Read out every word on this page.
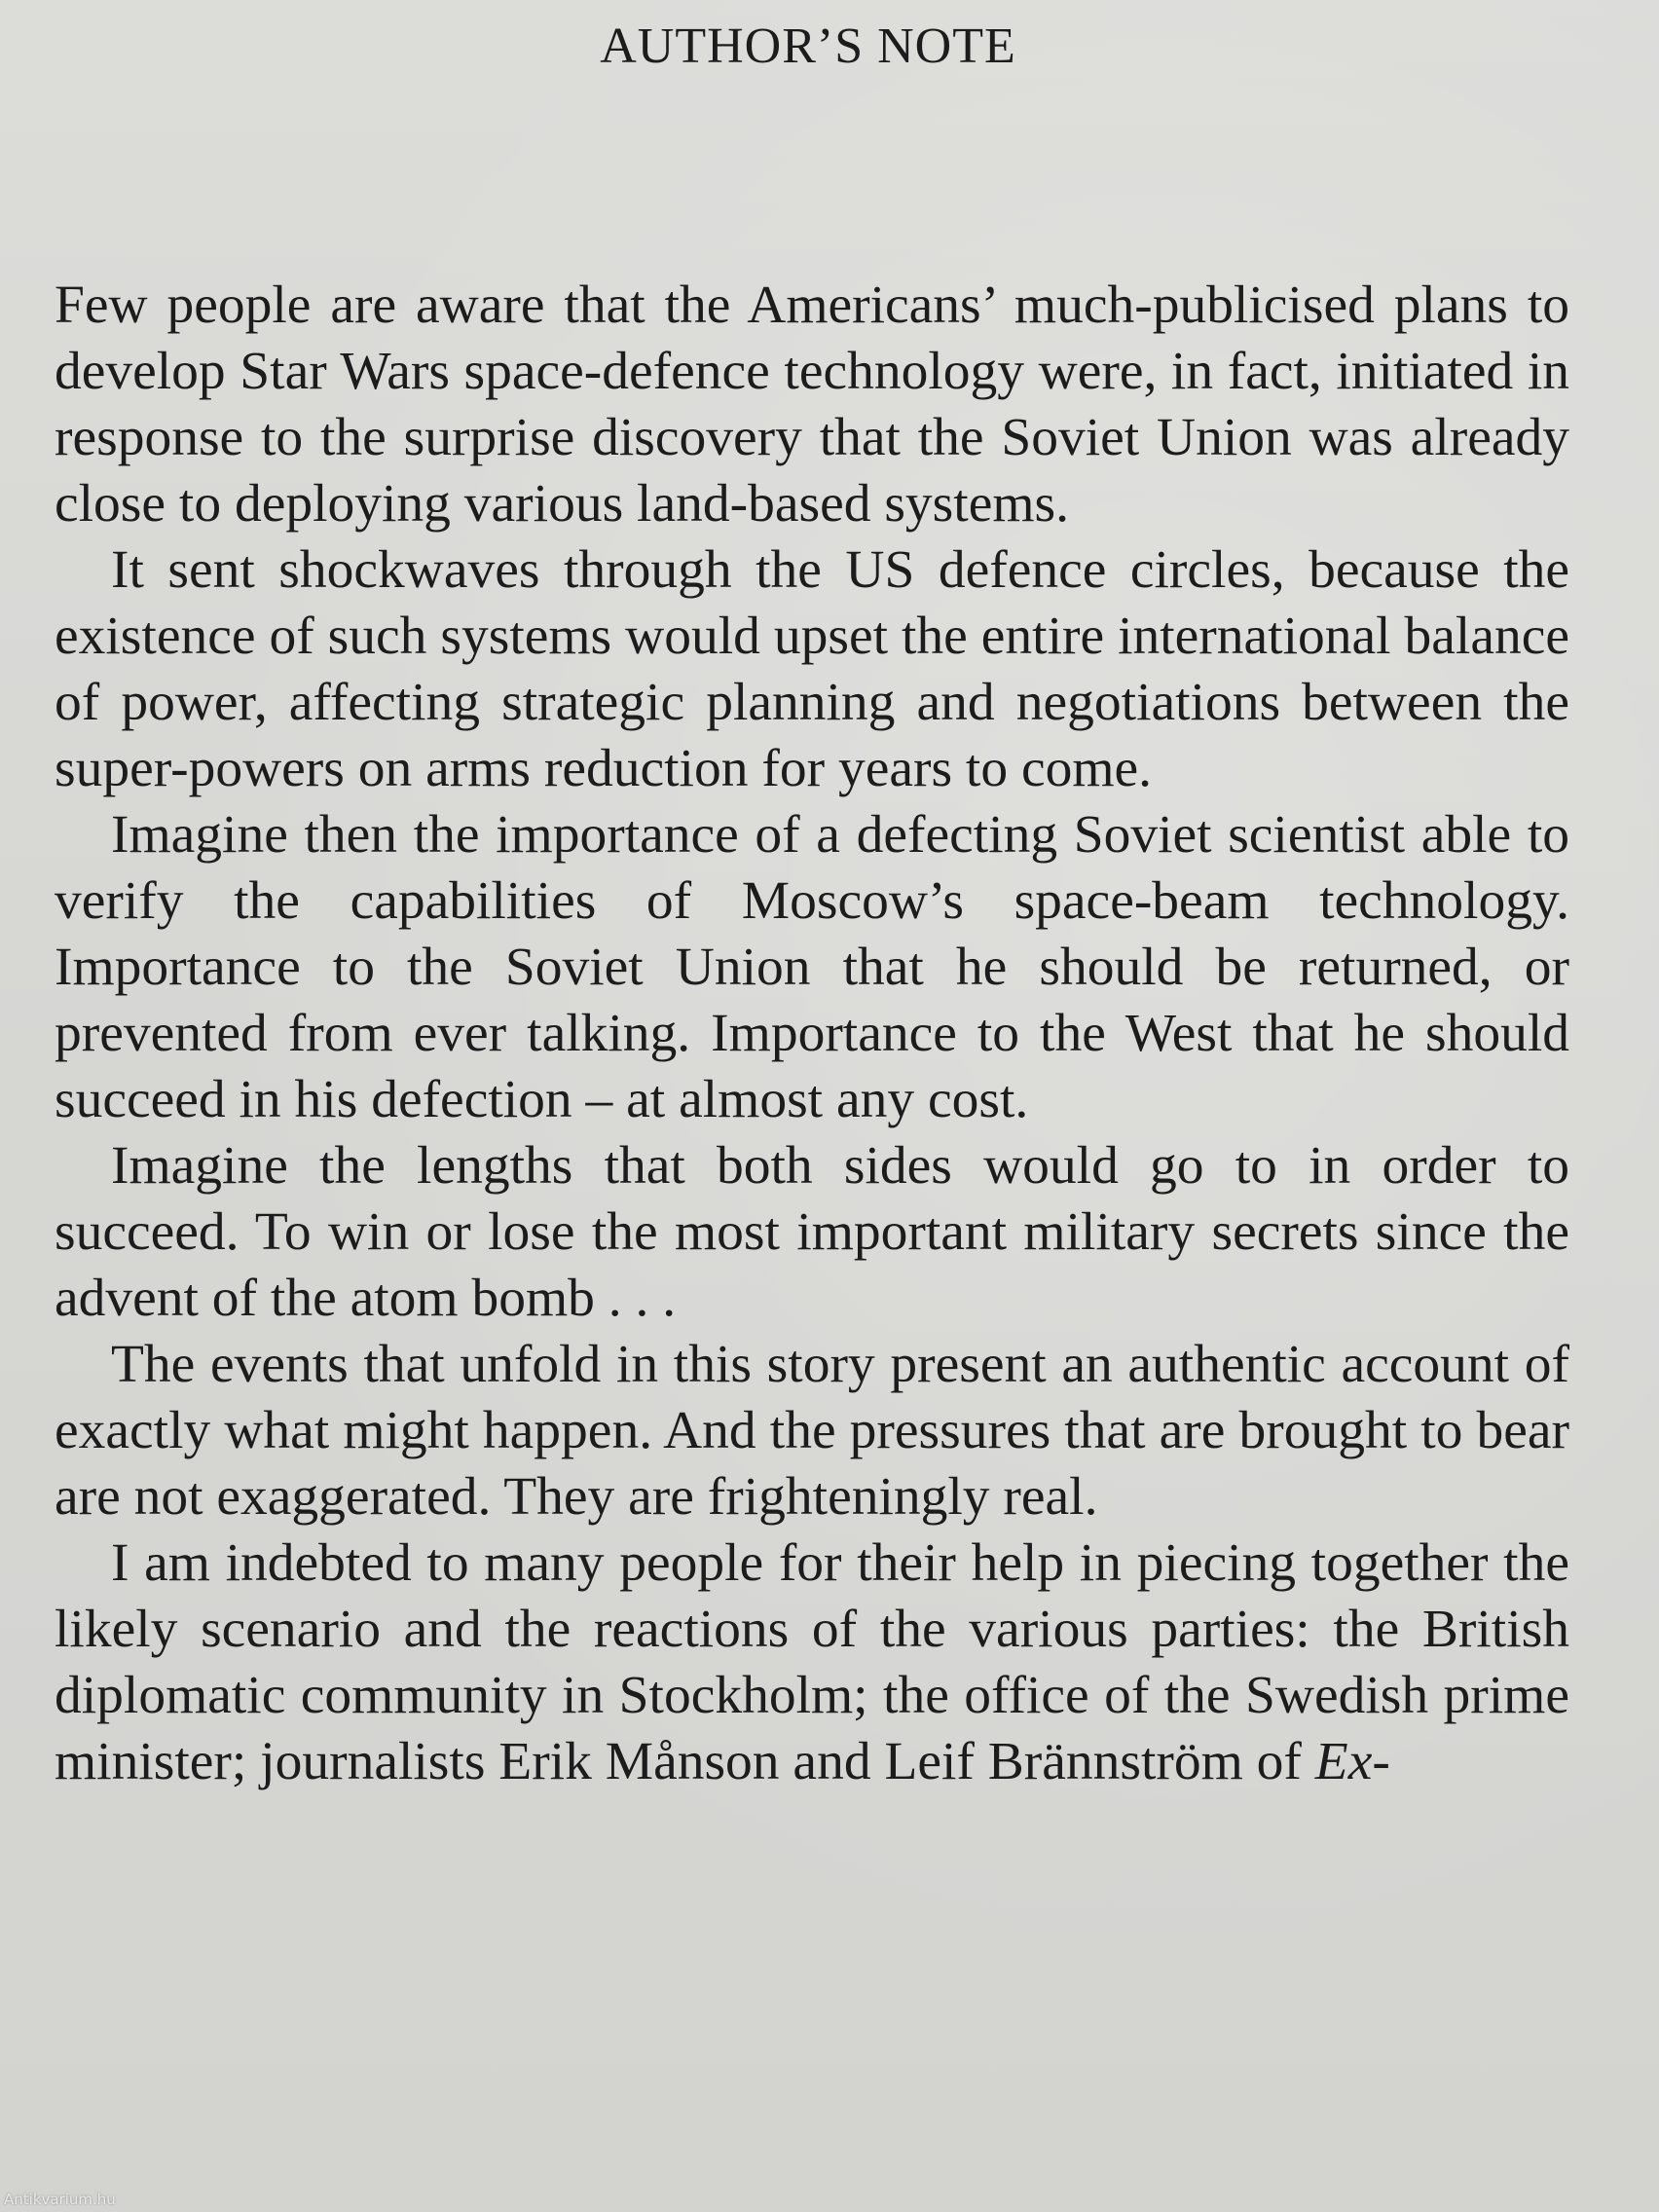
AUTHOR’S NOTE

Few people are aware that the Americans’ much-publicised plans to develop Star Wars space-defence technology were, in fact, initiated in response to the surprise discovery that the Soviet Union was already close to deploying various land-based systems.

It sent shockwaves through the US defence circles, because the existence of such systems would upset the entire international balance of power, affecting strategic planning and negotiations between the super-powers on arms reduction for years to come.

Imagine then the importance of a defecting Soviet scientist able to verify the capabilities of Moscow’s space-beam technology. Importance to the Soviet Union that he should be returned, or prevented from ever talking. Importance to the West that he should succeed in his defection – at almost any cost.

Imagine the lengths that both sides would go to in order to succeed. To win or lose the most important military secrets since the advent of the atom bomb . . .

The events that unfold in this story present an authentic account of exactly what might happen. And the pressures that are brought to bear are not exaggerated. They are frighteningly real.

I am indebted to many people for their help in piecing together the likely scenario and the reactions of the various parties: the British diplomatic community in Stockholm; the office of the Swedish prime minister; journalists Erik Månson and Leif Brännström of Ex-

Antikvarium.hu
